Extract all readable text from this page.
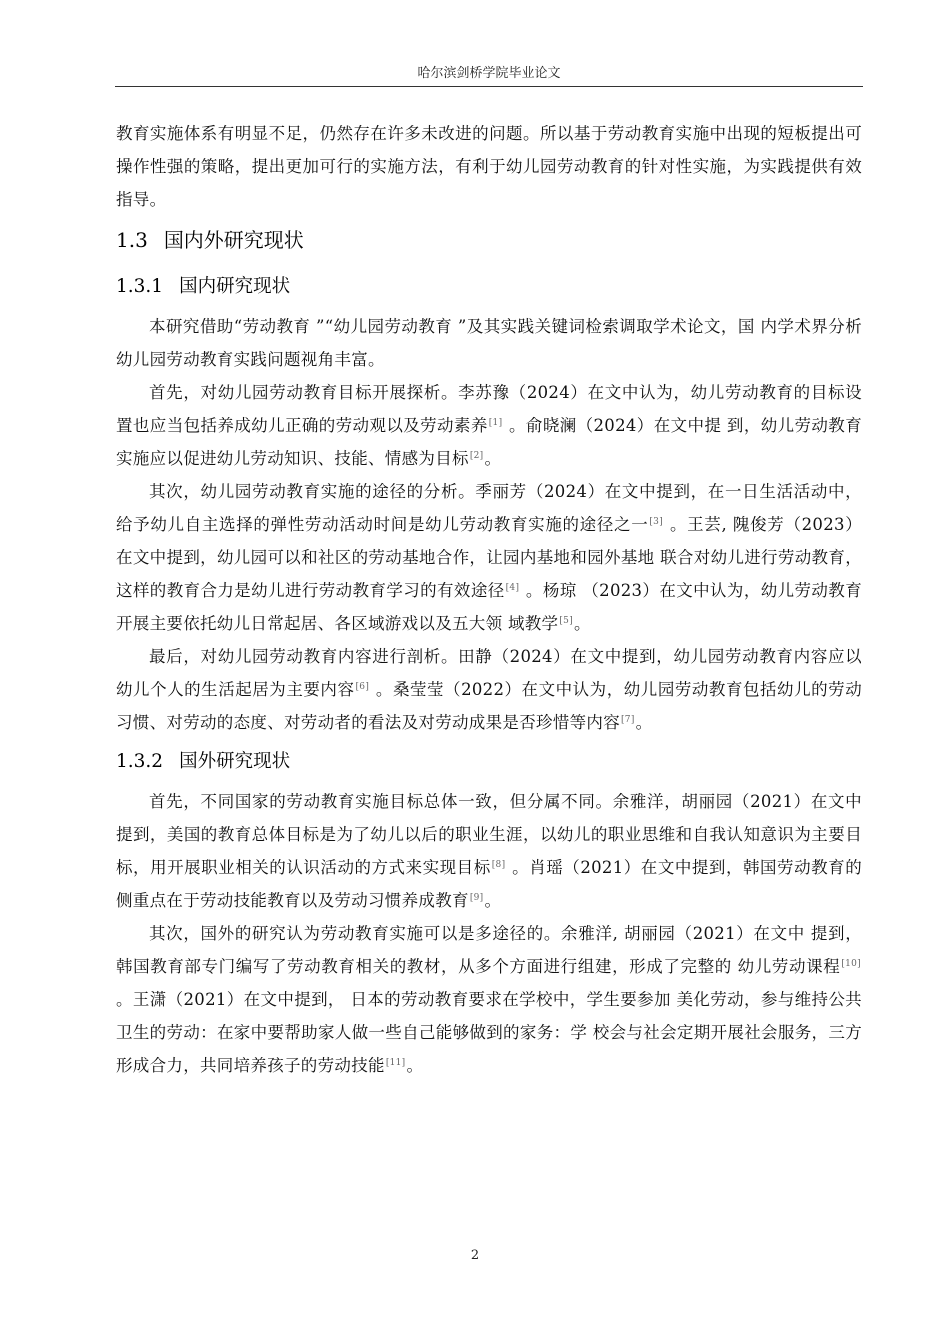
哈尔滨剑桥学院毕业论文

教育实施体系有明显不足，仍然存在许多未改进的问题。所以基于劳动教育实施中出现的短板提出可操作性强的策略，提出更加可行的实施方法，有利于幼儿园劳动教育的针对性实施，为实践提供有效指导。

1.3 国内外研究现状
1.3.1 国内研究现状

本研究借助“劳动教育 ”“幼儿园劳动教育 ”及其实践关键词检索调取学术论文，国 内学术界分析幼儿园劳动教育实践问题视角丰富。

首先，对幼儿园劳动教育目标开展探析。李苏豫（2024）在文中认为，幼儿劳动教育的目标设置也应当包括养成幼儿正确的劳动观以及劳动素养[1] 。俞晓澜（2024）在文中提 到，幼儿劳动教育实施应以促进幼儿劳动知识、技能、情感为目标[2]。

其次，幼儿园劳动教育实施的途径的分析。季丽芳（2024）在文中提到，在一日生活活动中，给予幼儿自主选择的弹性劳动活动时间是幼儿劳动教育实施的途径之一[3] 。王芸, 隗俊芳（2023）在文中提到，幼儿园可以和社区的劳动基地合作，让园内基地和园外基地 联合对幼儿进行劳动教育，这样的教育合力是幼儿进行劳动教育学习的有效途径[4] 。杨琼 （2023）在文中认为，幼儿劳动教育开展主要依托幼儿日常起居、各区域游戏以及五大领 域教学[5]。

最后，对幼儿园劳动教育内容进行剖析。田静（2024）在文中提到，幼儿园劳动教育内容应以幼儿个人的生活起居为主要内容[6] 。桑莹莹（2022）在文中认为，幼儿园劳动教育包括幼儿的劳动习惯、对劳动的态度、对劳动者的看法及对劳动成果是否珍惜等内容[7]。

1.3.2 国外研究现状

首先，不同国家的劳动教育实施目标总体一致，但分属不同。余雅洋，胡丽园（2021）在文中提到，美国的教育总体目标是为了幼儿以后的职业生涯，以幼儿的职业思维和自我认知意识为主要目标，用开展职业相关的认识活动的方式来实现目标[8] 。肖瑶（2021）在文中提到，韩国劳动教育的侧重点在于劳动技能教育以及劳动习惯养成教育[9]。

其次，国外的研究认为劳动教育实施可以是多途径的。余雅洋, 胡丽园（2021）在文中 提到，韩国教育部专门编写了劳动教育相关的教材，从多个方面进行组建，形成了完整的 幼儿劳动课程[10] 。王潇（2021）在文中提到， 日本的劳动教育要求在学校中，学生要参加 美化劳动，参与维持公共卫生的劳动：在家中要帮助家人做一些自己能够做到的家务：学 校会与社会定期开展社会服务，三方形成合力，共同培养孩子的劳动技能[11]。

2
